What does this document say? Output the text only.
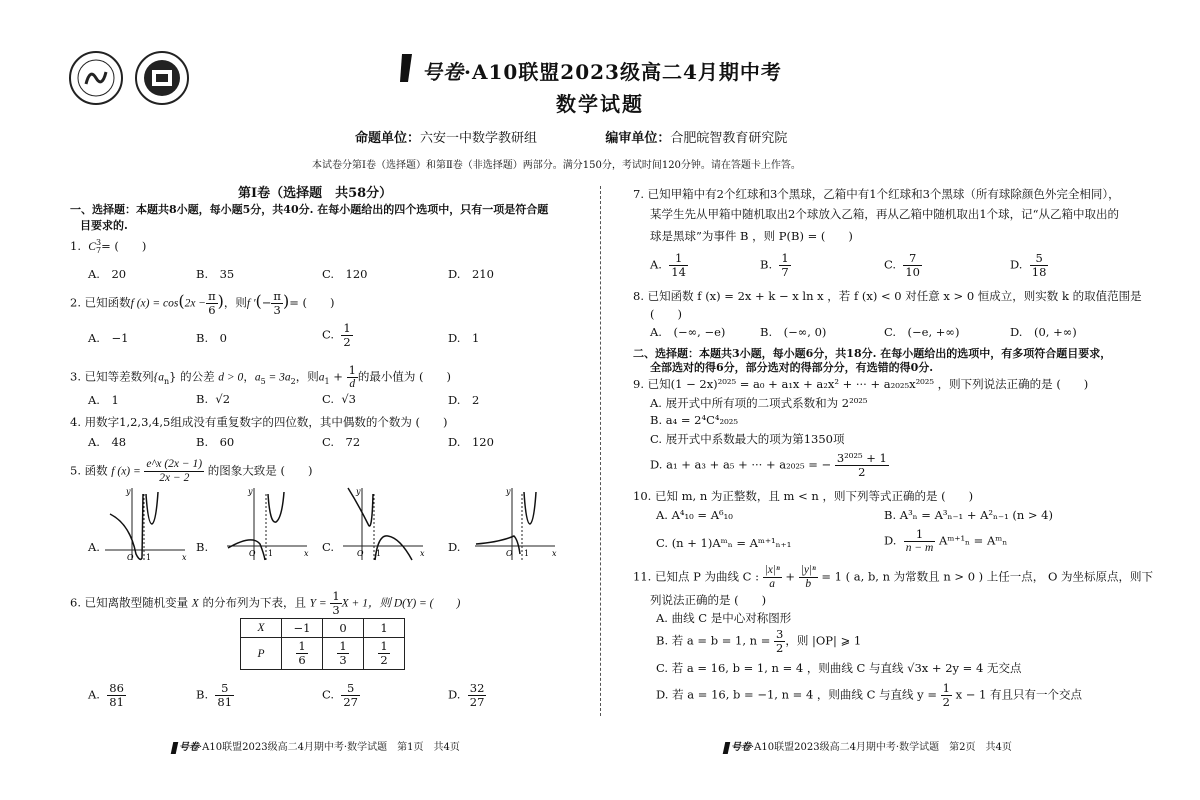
号卷·A10联盟2023级高二4月期中考
数学试题
命题单位：六安一中数学教研组	编审单位：合肥皖智教育研究院
本试卷分第Ⅰ卷（选择题）和第Ⅱ卷（非选择题）两部分。满分150分，考试时间120分钟。请在答题卡上作答。
第Ⅰ卷（选择题　共58分）
一、选择题：本题共8小题，每小题5分，共40分. 在每小题给出的四个选项中，只有一项是符合题
目要求的.
1.  C 3
7 = (　　)
A.　20	B.　35	C.　120	D.　210
2. 已知函数f $(x) = \cos(2x - \frac{\pi}{6}$ )，则f ′(− $\frac{\pi}{3}$ )= (　　)
A.　−1	B.　0	C. $\frac{1}{2}$	D.　1
3. 已知等差数列$\{a_n\}$ 的公差 d > 0，$a_5 = 3a_2$，则$a_1 + \frac{1}{d}$ 的最小值为 (　　)
A.　1	B. √2	C. √3	D.　2
4. 用数字1,2,3,4,5组成没有重复数字的四位数，其中偶数的个数为 (　　)
A.　48	B.　60	C.　72	D.　120
5. 函数 f $(x) = \frac{e\^{}x (2x - 1)}{2x - 2}$ 的图象大致是 (　　)
A.
O 1	x
y
B.	O 1	x
y
C.	O 1	x
y
D.	O 1	x
y
6. 已知离散型随机变量 X 的分布列为下表，且 $Y = \frac{1}{3}$ X + 1，则 D(Y) = (　　)
X	−1	0	1
P	$\frac{1}{6}$	$\frac{1}{3}$	$\frac{1}{2}$
A. $\frac{86}{81}$	B. $\frac{5}{81}$	C. $\frac{5}{27}$	D. $\frac{32}{27}$
7. 已知甲箱中有2个红球和3个黑球，乙箱中有1个红球和3个黑球（所有球除颜色外完全相同），
某学生先从甲箱中随机取出2个球放入乙箱，再从乙箱中随机取出1个球，记“从乙箱中取出的
球是黑球”为事件 B ，则 P(B) = (　　)
A. $\frac{1}{14}$	B. $\frac{1}{7}$	C. $\frac{7}{10}$	D. $\frac{5}{18}$
8. 已知函数 f (x) = 2x + k − x ln x ，若 f (x) < 0 对任意 x > 0 恒成立，则实数 k 的取值范围是
(　　)
A.　(−∞, −e)	B.　(−∞, 0)	C.　(−e, +∞)	D.　(0, +∞)
二、选择题：本题共3小题，每小题6分，共18分. 在每小题给出的选项中，有多项符合题目要求，
全部选对的得6分，部分选对的得部分分，有选错的得0分.
9. 已知(1 − 2x)²⁰²⁵ = a₀ + a₁x + a₂x² + ··· + a₂₀₂₅x²⁰²⁵ ，则下列说法正确的是 (　　)
A. 展开式中所有项的二项式系数和为 2²⁰²⁵
B. a₄ = 2⁴C⁴₂₀₂₅
C. 展开式中系数最大的项为第1350项
D. a₁ + a₃ + a₅ + ··· + a₂₀₂₅ = − $\frac{\text{3²⁰²⁵ + 1}}{2}$
10. 已知 m, n 为正整数，且 m < n ，则下列等式正确的是 (　　)
A. A⁴₁₀ = A⁶₁₀	B. A³ₙ = A³ₙ₋₁ + A²ₙ₋₁ (n > 4)
C. (n + 1)Aᵐₙ = Aᵐ⁺¹ₙ₊₁	D. $\frac{1}{n - m}$ Aᵐ⁺¹ₙ = Aᵐₙ
11. 已知点 P 为曲线 C : $\frac{\text{|x|ⁿ}}{a} + \frac{\text{|y|ⁿ}}{b} = 1$ ( a, b, n 为常数且 n > 0 ) 上任一点， O 为坐标原点，则下
列说法正确的是 (　　)
A. 曲线 C 是中心对称图形
B. 若 a = b = 1, $n = \frac{3}{2}$ ，则 |OP| ⩾ 1
C. 若 a = 16, b = 1, n = 4 ，则曲线 C 与直线 √3x + 2y = 4 无交点
D. 若 a = 16, b = −1, n = 4 ，则曲线 C 与直线 $y = \frac{1}{2}$ x − 1 有且只有一个交点
号卷·A10联盟2023级高二4月期中考·数学试题　第1页　共4页	号卷·A10联盟2023级高二4月期中考·数学试题　第2页　共4页
